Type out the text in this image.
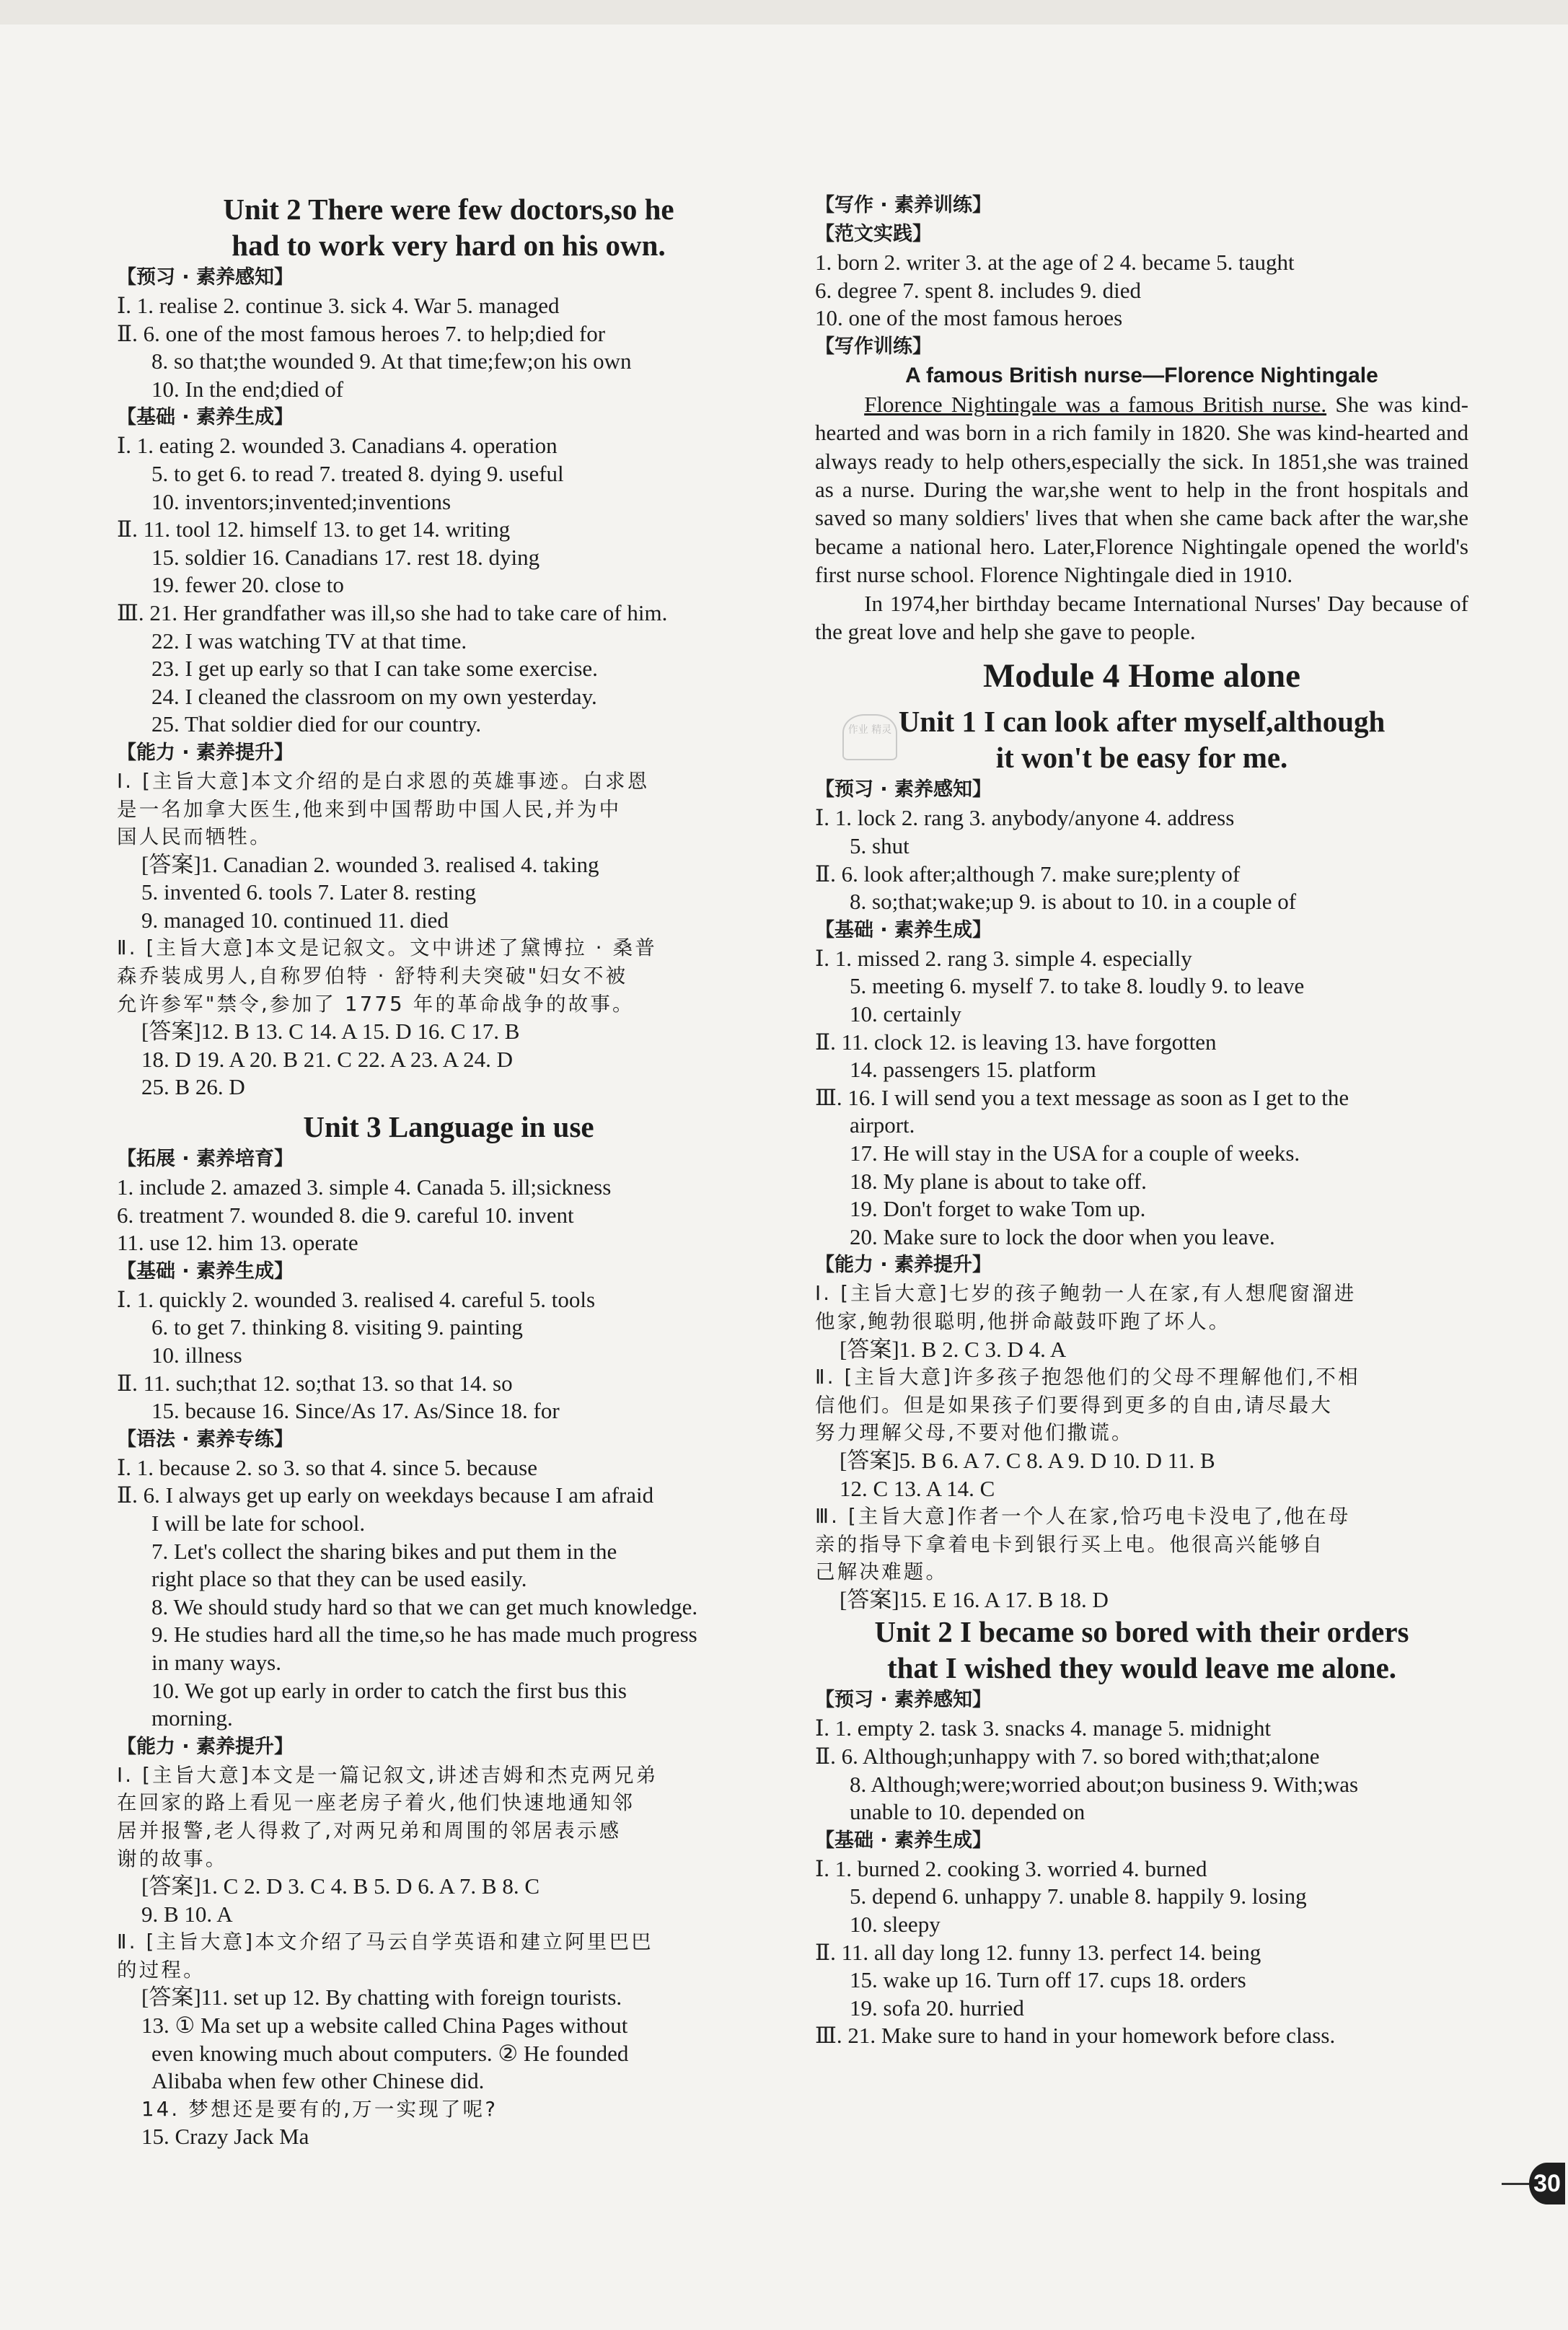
Unit 2 There were few doctors,so he
had to work very hard on his own.
【预习 · 素养感知】
Ⅰ. 1. realise 2. continue 3. sick 4. War 5. managed
Ⅱ. 6. one of the most famous heroes 7. to help;died for
8. so that;the wounded 9. At that time;few;on his own
10. In the end;died of
【基础 · 素养生成】
Ⅰ. 1. eating 2. wounded 3. Canadians 4. operation
5. to get 6. to read 7. treated 8. dying 9. useful
10. inventors;invented;inventions
Ⅱ. 11. tool 12. himself 13. to get 14. writing
15. soldier 16. Canadians 17. rest 18. dying
19. fewer 20. close to
Ⅲ. 21. Her grandfather was ill,so she had to take care of him.
22. I was watching TV at that time.
23. I get up early so that I can take some exercise.
24. I cleaned the classroom on my own yesterday.
25. That soldier died for our country.
【能力 · 素养提升】
Ⅰ. [主旨大意]本文介绍的是白求恩的英雄事迹。白求恩
是一名加拿大医生,他来到中国帮助中国人民,并为中
国人民而牺牲。
[答案]1. Canadian 2. wounded 3. realised 4. taking
5. invented 6. tools 7. Later 8. resting
9. managed 10. continued 11. died
Ⅱ. [主旨大意]本文是记叙文。文中讲述了黛博拉 · 桑普
森乔装成男人,自称罗伯特 · 舒特利夫突破"妇女不被
允许参军"禁令,参加了 1775 年的革命战争的故事。
[答案]12. B 13. C 14. A 15. D 16. C 17. B
18. D 19. A 20. B 21. C 22. A 23. A 24. D
25. B 26. D
Unit 3 Language in use
【拓展 · 素养培育】
1. include 2. amazed 3. simple 4. Canada 5. ill;sickness
6. treatment 7. wounded 8. die 9. careful 10. invent
11. use 12. him 13. operate
【基础 · 素养生成】
Ⅰ. 1. quickly 2. wounded 3. realised 4. careful 5. tools
6. to get 7. thinking 8. visiting 9. painting
10. illness
Ⅱ. 11. such;that 12. so;that 13. so that 14. so
15. because 16. Since/As 17. As/Since 18. for
【语法 · 素养专练】
Ⅰ. 1. because 2. so 3. so that 4. since 5. because
Ⅱ. 6. I always get up early on weekdays because I am afraid
I will be late for school.
7. Let's collect the sharing bikes and put them in the
right place so that they can be used easily.
8. We should study hard so that we can get much knowledge.
9. He studies hard all the time,so he has made much progress
in many ways.
10. We got up early in order to catch the first bus this
morning.
【能力 · 素养提升】
Ⅰ. [主旨大意]本文是一篇记叙文,讲述吉姆和杰克两兄弟
在回家的路上看见一座老房子着火,他们快速地通知邻
居并报警,老人得救了,对两兄弟和周围的邻居表示感
谢的故事。
[答案]1. C 2. D 3. C 4. B 5. D 6. A 7. B 8. C
9. B 10. A
Ⅱ. [主旨大意]本文介绍了马云自学英语和建立阿里巴巴
的过程。
[答案]11. set up 12. By chatting with foreign tourists.
13. ① Ma set up a website called China Pages without
even knowing much about computers. ② He founded
Alibaba when few other Chinese did.
14. 梦想还是要有的,万一实现了呢?
15. Crazy Jack Ma
【写作 · 素养训练】
【范文实践】
1. born 2. writer 3. at the age of 2 4. became 5. taught
6. degree 7. spent 8. includes 9. died
10. one of the most famous heroes
【写作训练】
A famous British nurse—Florence Nightingale

Florence Nightingale was a famous British nurse. She was kind-hearted and was born in a rich family in 1820. She was kind-hearted and always ready to help others,especially the sick. In 1851,she was trained as a nurse. During the war,she went to help in the front hospitals and saved so many soldiers' lives that when she came back after the war,she became a national hero. Later,Florence Nightingale opened the world's first nurse school. Florence Nightingale died in 1910.

In 1974,her birthday became International Nurses' Day because of the great love and help she gave to people.

Module 4 Home alone
Unit 1 I can look after myself,although
it won't be easy for me.
【预习 · 素养感知】
Ⅰ. 1. lock 2. rang 3. anybody/anyone 4. address
5. shut
Ⅱ. 6. look after;although 7. make sure;plenty of
8. so;that;wake;up 9. is about to 10. in a couple of
【基础 · 素养生成】
Ⅰ. 1. missed 2. rang 3. simple 4. especially
5. meeting 6. myself 7. to take 8. loudly 9. to leave
10. certainly
Ⅱ. 11. clock 12. is leaving 13. have forgotten
14. passengers 15. platform
Ⅲ. 16. I will send you a text message as soon as I get to the
airport.
17. He will stay in the USA for a couple of weeks.
18. My plane is about to take off.
19. Don't forget to wake Tom up.
20. Make sure to lock the door when you leave.
【能力 · 素养提升】
Ⅰ. [主旨大意]七岁的孩子鲍勃一人在家,有人想爬窗溜进
他家,鲍勃很聪明,他拼命敲鼓吓跑了坏人。
[答案]1. B 2. C 3. D 4. A
Ⅱ. [主旨大意]许多孩子抱怨他们的父母不理解他们,不相
信他们。但是如果孩子们要得到更多的自由,请尽最大
努力理解父母,不要对他们撒谎。
[答案]5. B 6. A 7. C 8. A 9. D 10. D 11. B
12. C 13. A 14. C
Ⅲ. [主旨大意]作者一个人在家,恰巧电卡没电了,他在母
亲的指导下拿着电卡到银行买上电。他很高兴能够自
己解决难题。
[答案]15. E 16. A 17. B 18. D
Unit 2 I became so bored with their orders
that I wished they would leave me alone.
【预习 · 素养感知】
Ⅰ. 1. empty 2. task 3. snacks 4. manage 5. midnight
Ⅱ. 6. Although;unhappy with 7. so bored with;that;alone
8. Although;were;worried about;on business 9. With;was
unable to 10. depended on
【基础 · 素养生成】
Ⅰ. 1. burned 2. cooking 3. worried 4. burned
5. depend 6. unhappy 7. unable 8. happily 9. losing
10. sleepy
Ⅱ. 11. all day long 12. funny 13. perfect 14. being
15. wake up 16. Turn off 17. cups 18. orders
19. sofa 20. hurried
Ⅲ. 21. Make sure to hand in your homework before class.
作业 精灵
30
